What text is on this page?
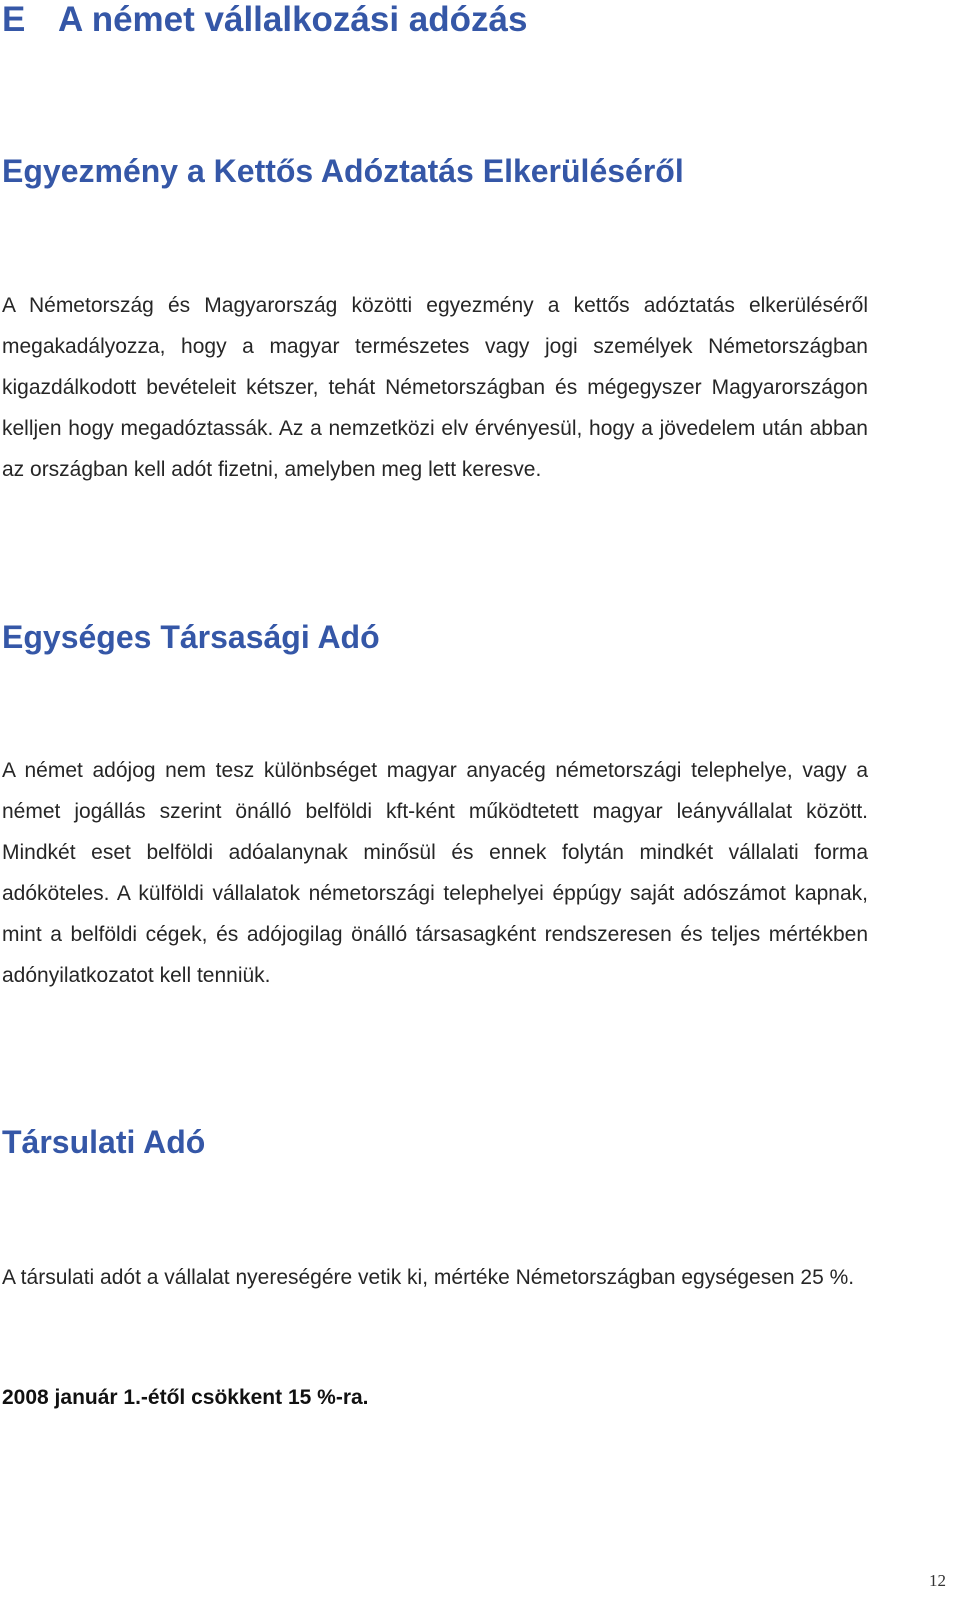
E A német vállalkozási adózás
Egyezmény a Kettős Adóztatás Elkerüléséről

A Németország és Magyarország közötti egyezmény a kettős adóztatás elkerüléséről megakadályozza, hogy a magyar természetes vagy jogi személyek Németországban kigazdálkodott bevételeit kétszer, tehát Németországban és mégegyszer Magyarországon kelljen hogy megadóztassák. Az a nemzetközi elv érvényesül, hogy a jövedelem után abban az országban kell adót fizetni, amelyben meg lett keresve.

Egységes Társasági Adó

A német adójog nem tesz különbséget magyar anyacég németországi telephelye, vagy a német jogállás szerint önálló belföldi kft-ként működtetett magyar leányvállalat között. Mindkét eset belföldi adóalanynak minősül és ennek folytán mindkét vállalati forma adóköteles. A külföldi vállalatok németországi telephelyei éppúgy saját adószámot kapnak, mint a belföldi cégek, és adójogilag önálló társasagként rendszeresen és teljes mértékben adónyilatkozatot kell tenniük.

Társulati Adó

A társulati adót a vállalat nyereségére vetik ki, mértéke Németországban egységesen 25 %.

2008 január 1.-étől csökkent 15 %-ra.

12
